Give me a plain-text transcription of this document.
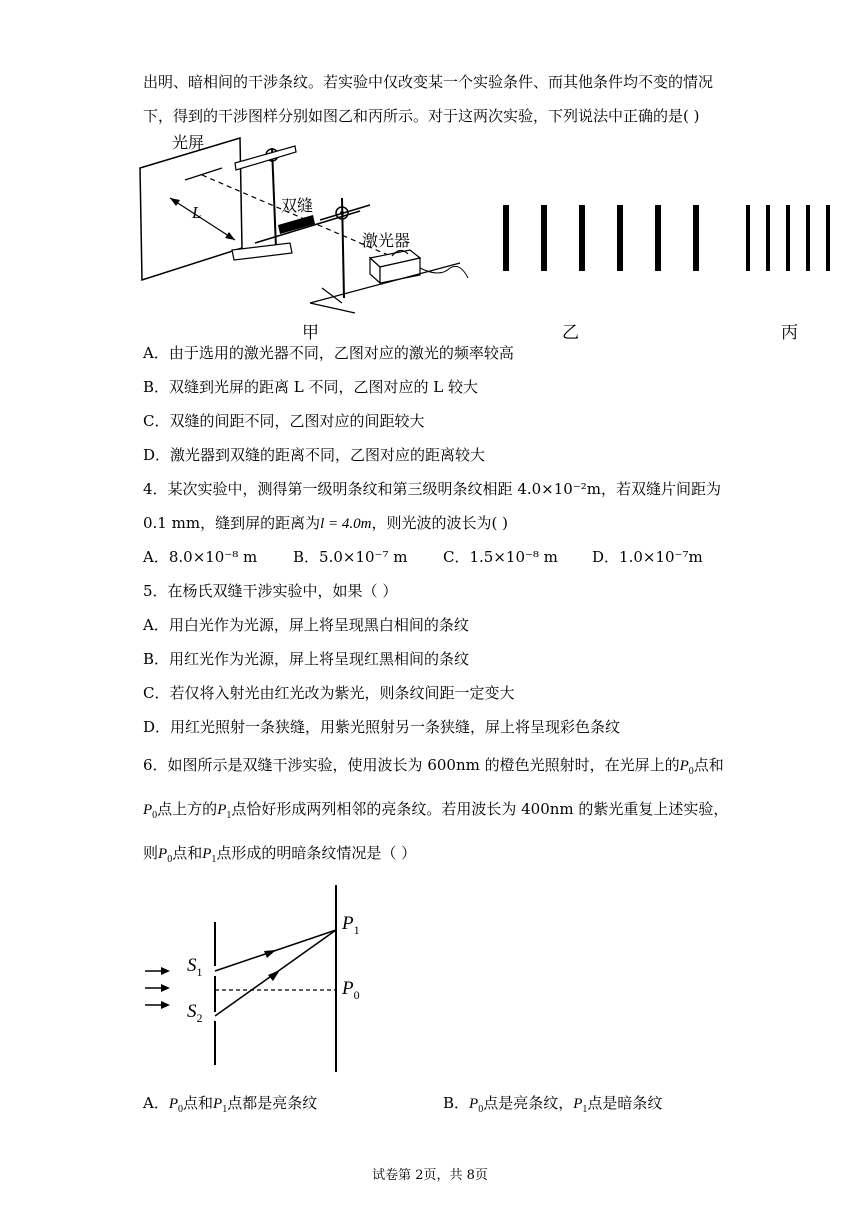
出明、暗相间的干涉条纹。若实验中仅改变某一个实验条件、而其他条件均不变的情况
下，得到的干涉图样分别如图乙和丙所示。对于这两次实验，下列说法中正确的是( )
光屏
L	双缝
激光器
甲	乙	丙
A．由于选用的激光器不同，乙图对应的激光的频率较高
B．双缝到光屏的距离 L 不同，乙图对应的 L 较大
C．双缝的间距不同，乙图对应的间距较大
D．激光器到双缝的距离不同，乙图对应的距离较大
4．某次实验中，测得第一级明条纹和第三级明条纹相距 4.0×10⁻²m，若双缝片间距为
0.1 mm，缝到屏的距离为l = 4.0m，则光波的波长为( )
A．8.0×10⁻⁸ m B．5.0×10⁻⁷ m C．1.5×10⁻⁸ m D．1.0×10⁻⁷m
5．在杨氏双缝干涉实验中，如果（ ）
A．用白光作为光源，屏上将呈现黑白相间的条纹
B．用红光作为光源，屏上将呈现红黑相间的条纹
C．若仅将入射光由红光改为紫光，则条纹间距一定变大
D．用红光照射一条狭缝，用紫光照射另一条狭缝，屏上将呈现彩色条纹
6．如图所示是双缝干涉实验，使用波长为 600nm 的橙色光照射时，在光屏上的$P_0$点和
$P_0$点上方的$P_1$点恰好形成两列相邻的亮条纹。若用波长为 400nm 的紫光重复上述实验，
则$P_0$点和$P_1$点形成的明暗条纹情况是（ ）
$S_1$
$S_2$
$P_1$
$P_0$
A．$P_0$点和$P_1$点都是亮条纹	B．$P_0$点是亮条纹，$P_1$点是暗条纹
试卷第 2页，共 8页
